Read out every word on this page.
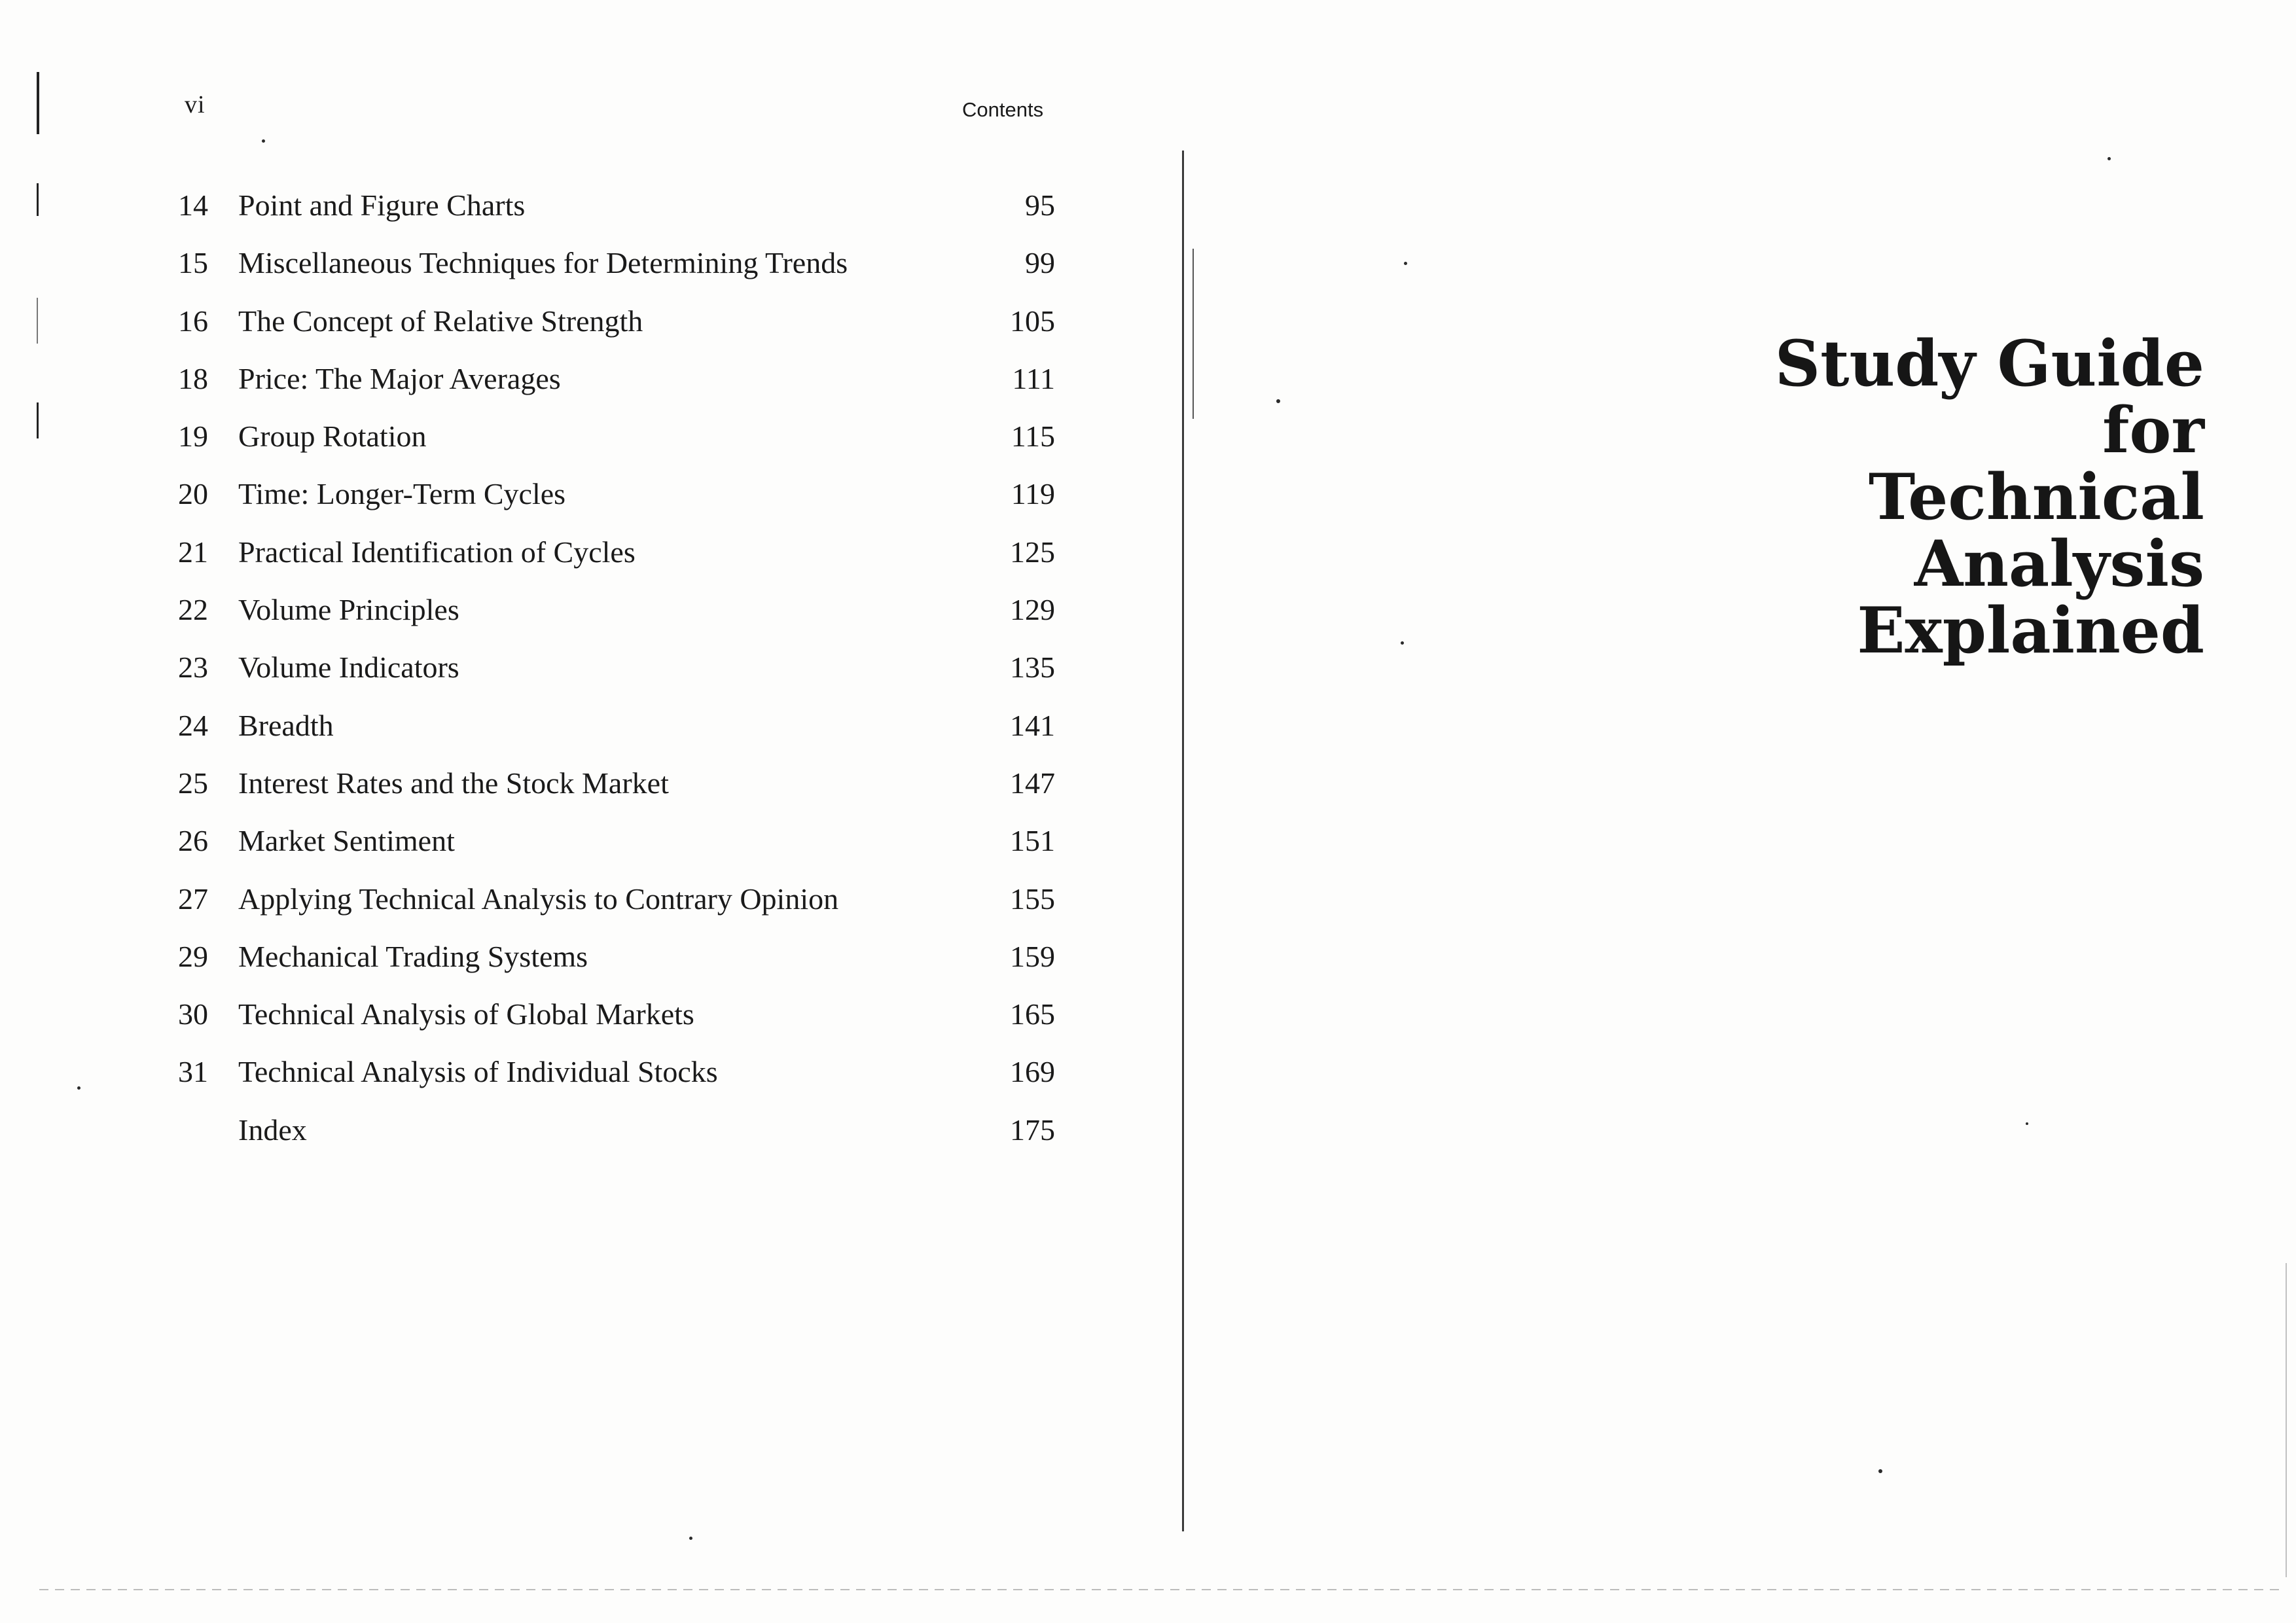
vi	Contents
14	Point and Figure Charts	95
15	Miscellaneous Techniques for Determining Trends	99
16	The Concept of Relative Strength	105
18	Price: The Major Averages	111
19	Group Rotation	115
20	Time: Longer-Term Cycles	119
21	Practical Identification of Cycles	125
22	Volume Principles	129
23	Volume Indicators	135
24	Breadth	141
25	Interest Rates and the Stock Market	147
26	Market Sentiment	151
27	Applying Technical Analysis to Contrary Opinion	155
29	Mechanical Trading Systems	159
30	Technical Analysis of Global Markets	165
31	Technical Analysis of Individual Stocks	169
Index	175
Study Guide
for
Technical
Analysis
Explained
